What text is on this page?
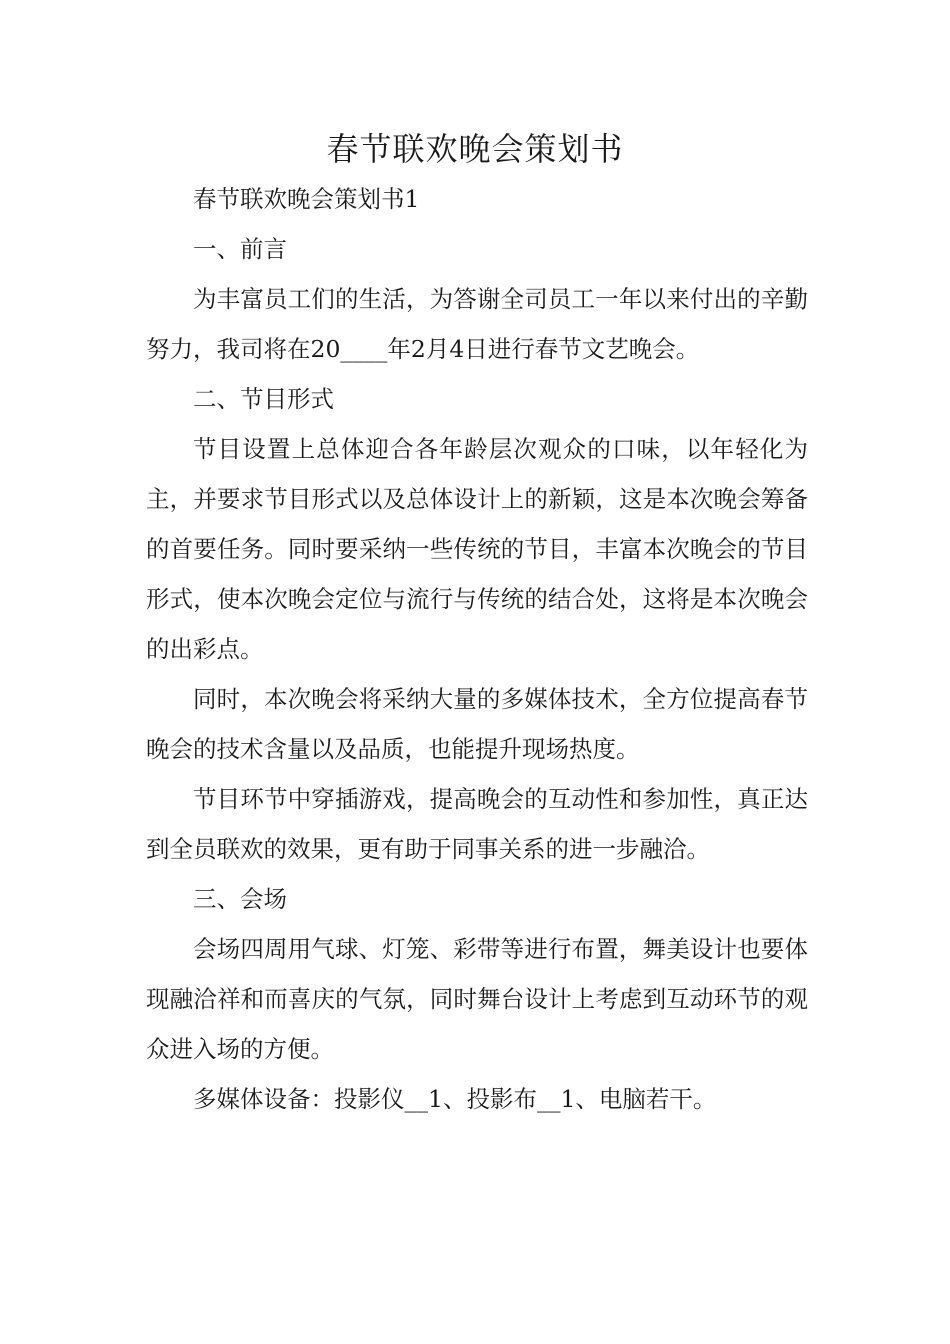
春节联欢晚会策划书

春节联欢晚会策划书1

一、前言

为丰富员工们的生活，为答谢全司员工一年以来付出的辛勤努力，我司将在20____年2月4日进行春节文艺晚会。

二、节目形式

节目设置上总体迎合各年龄层次观众的口味，以年轻化为主，并要求节目形式以及总体设计上的新颖，这是本次晚会筹备的首要任务。同时要采纳一些传统的节目，丰富本次晚会的节目形式，使本次晚会定位与流行与传统的结合处，这将是本次晚会的出彩点。

同时，本次晚会将采纳大量的多媒体技术，全方位提高春节晚会的技术含量以及品质，也能提升现场热度。

节目环节中穿插游戏，提高晚会的互动性和参加性，真正达到全员联欢的效果，更有助于同事关系的进一步融洽。

三、会场

会场四周用气球、灯笼、彩带等进行布置，舞美设计也要体现融洽祥和而喜庆的气氛，同时舞台设计上考虑到互动环节的观众进入场的方便。

多媒体设备：投影仪__1、投影布__1、电脑若干。
